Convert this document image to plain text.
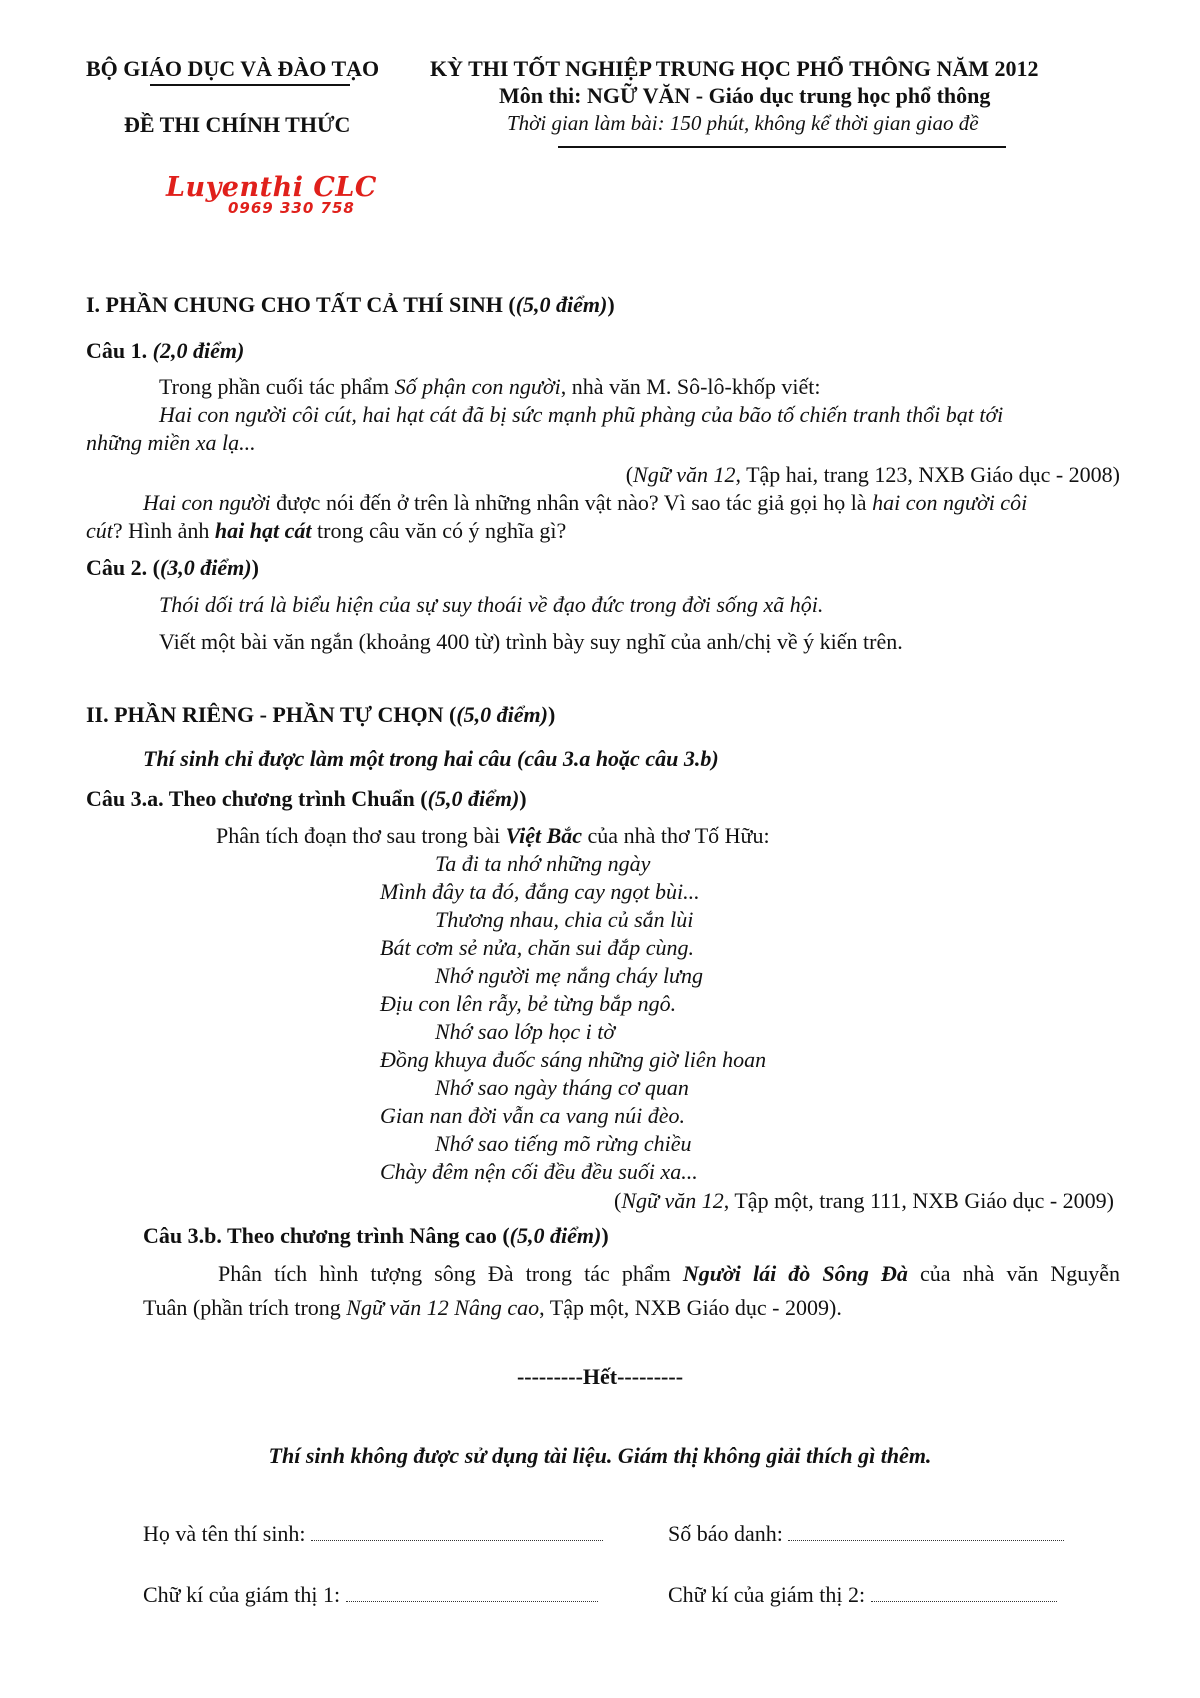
BỘ GIÁO DỤC VÀ ĐÀO TẠO
ĐỀ THI CHÍNH THỨC
KỲ THI TỐT NGHIỆP TRUNG HỌC PHỔ THÔNG NĂM 2012
Môn thi: NGỮ VĂN - Giáo dục trung học phổ thông
Thời gian làm bài: 150 phút, không kể thời gian giao đề
Luyenthi CLC
0969 330 758
I. PHẦN CHUNG CHO TẤT CẢ THÍ SINH ((5,0 điểm))
Câu 1. (2,0 điểm)
Trong phần cuối tác phẩm Số phận con người, nhà văn M. Sô-lô-khốp viết:
Hai con người côi cút, hai hạt cát đã bị sức mạnh phũ phàng của bão tố chiến tranh thổi bạt tới
những miền xa lạ...
(Ngữ văn 12, Tập hai, trang 123, NXB Giáo dục - 2008)
Hai con người được nói đến ở trên là những nhân vật nào? Vì sao tác giả gọi họ là hai con người côi
cút? Hình ảnh hai hạt cát trong câu văn có ý nghĩa gì?
Câu 2. ((3,0 điểm))
Thói dối trá là biểu hiện của sự suy thoái về đạo đức trong đời sống xã hội.
Viết một bài văn ngắn (khoảng 400 từ) trình bày suy nghĩ của anh/chị về ý kiến trên.
II. PHẦN RIÊNG - PHẦN TỰ CHỌN ((5,0 điểm))
Thí sinh chỉ được làm một trong hai câu (câu 3.a hoặc câu 3.b)
Câu 3.a. Theo chương trình Chuẩn ((5,0 điểm))
Phân tích đoạn thơ sau trong bài Việt Bắc của nhà thơ Tố Hữu:
Ta đi ta nhớ những ngày
Mình đây ta đó, đắng cay ngọt bùi...
Thương nhau, chia củ sắn lùi
Bát cơm sẻ nửa, chăn sui đắp cùng.
Nhớ người mẹ nắng cháy lưng
Địu con lên rẫy, bẻ từng bắp ngô.
Nhớ sao lớp học i tờ
Đồng khuya đuốc sáng những giờ liên hoan
Nhớ sao ngày tháng cơ quan
Gian nan đời vẫn ca vang núi đèo.
Nhớ sao tiếng mõ rừng chiều
Chày đêm nện cối đều đều suối xa...
(Ngữ văn 12, Tập một, trang 111, NXB Giáo dục - 2009)
Câu 3.b. Theo chương trình Nâng cao ((5,0 điểm))
Phân tích hình tượng sông Đà trong tác phẩm Người lái đò Sông Đà của nhà văn Nguyễn
Tuân (phần trích trong Ngữ văn 12 Nâng cao, Tập một, NXB Giáo dục - 2009).
---------Hết---------
Thí sinh không được sử dụng tài liệu. Giám thị không giải thích gì thêm.
Họ và tên thí sinh:	Số báo danh:
Chữ kí của giám thị 1:	Chữ kí của giám thị 2:
